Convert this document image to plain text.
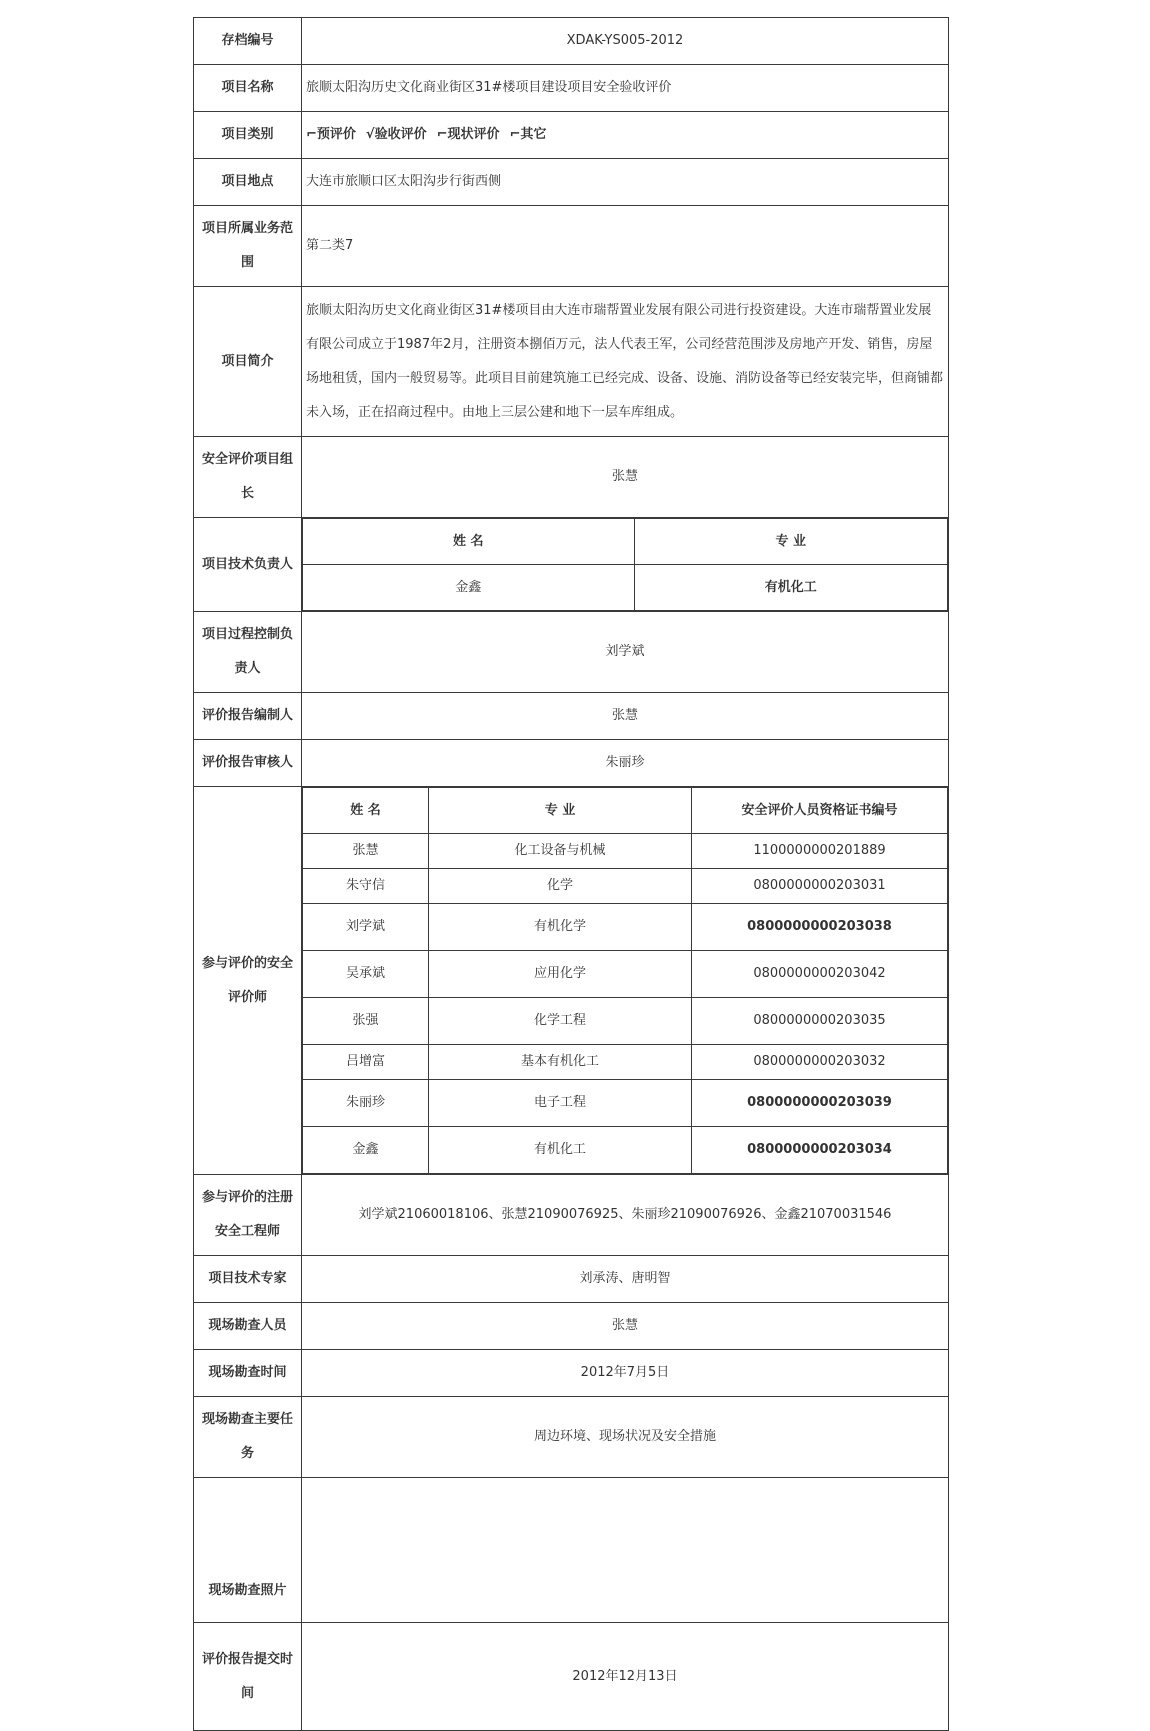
存档编号	XDAK-YS005-2012
项目名称	旅顺太阳沟历史文化商业街区31#楼项目建设项目安全验收评价
项目类别	⌐预评价 √验收评价 ⌐现状评价 ⌐其它
项目地点	大连市旅顺口区太阳沟步行街西侧
项目所属业务范围	第二类7
项目简介	旅顺太阳沟历史文化商业街区31#楼项目由大连市瑞帮置业发展有限公司进行投资建设。大连市瑞帮置业发展有限公司成立于1987年2月，注册资本捌佰万元，法人代表王军，公司经营范围涉及房地产开发、销售，房屋场地租赁，国内一般贸易等。此项目目前建筑施工已经完成、设备、设施、消防设备等已经安装完毕，但商铺都未入场，正在招商过程中。由地上三层公建和地下一层车库组成。
安全评价项目组长	张慧
项目技术负责人	
姓 名	专 业
金鑫	有机化工

项目过程控制负责人	刘学斌
评价报告编制人	张慧
评价报告审核人	朱丽珍
参与评价的安全评价师	
姓 名	专 业	安全评价人员资格证书编号
张慧	化工设备与机械	1100000000201889
朱守信	化学	0800000000203031
刘学斌	有机化学	0800000000203038
吴承斌	应用化学	0800000000203042
张强	化学工程	0800000000203035
吕增富	基本有机化工	0800000000203032
朱丽珍	电子工程	0800000000203039
金鑫	有机化工	0800000000203034

参与评价的注册安全工程师	刘学斌21060018106、张慧21090076925、朱丽珍21090076926、金鑫21070031546
项目技术专家	刘承涛、唐明智
现场勘查人员	张慧
现场勘查时间	2012年7月5日
现场勘查主要任务	周边环境、现场状况及安全措施
现场勘查照片	
评价报告提交时间	2012年12月13日
